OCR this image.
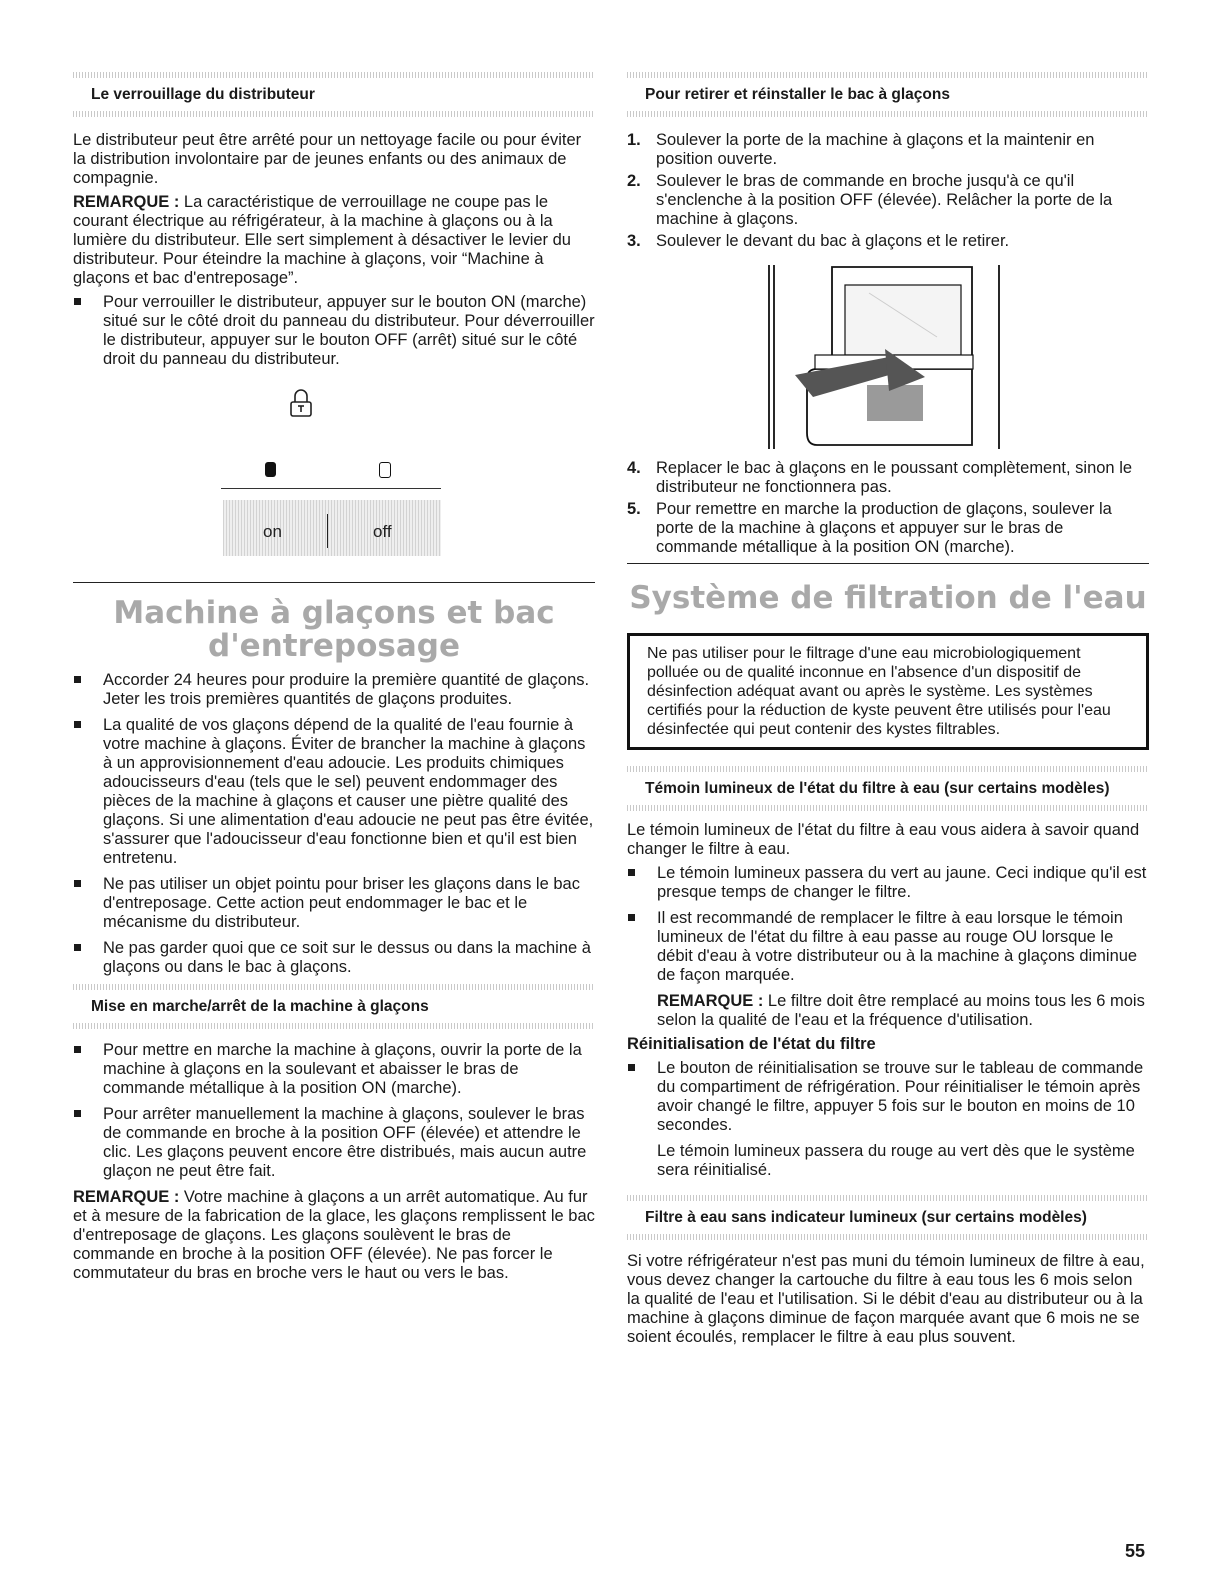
Le verrouillage du distributeur

Le distributeur peut être arrêté pour un nettoyage facile ou pour éviter la distribution involontaire par de jeunes enfants ou des animaux de compagnie.

REMARQUE : La caractéristique de verrouillage ne coupe pas le courant électrique au réfrigérateur, à la machine à glaçons ou à la lumière du distributeur. Elle sert simplement à désactiver le levier du distributeur. Pour éteindre la machine à glaçons, voir “Machine à glaçons et bac d'entreposage”.

Pour verrouiller le distributeur, appuyer sur le bouton ON (marche) situé sur le côté droit du panneau du distributeur. Pour déverrouiller le distributeur, appuyer sur le bouton OFF (arrêt) situé sur le côté droit du panneau du distributeur.
on	off
Machine à glaçons et bac
d'entreposage
Accorder 24 heures pour produire la première quantité de glaçons. Jeter les trois premières quantités de glaçons produites.
La qualité de vos glaçons dépend de la qualité de l'eau fournie à votre machine à glaçons. Éviter de brancher la machine à glaçons à un approvisionnement d'eau adoucie. Les produits chimiques adoucisseurs d'eau (tels que le sel) peuvent endommager des pièces de la machine à glaçons et causer une piètre qualité des glaçons. Si une alimentation d'eau adoucie ne peut pas être évitée, s'assurer que l'adoucisseur d'eau fonctionne bien et qu'il est bien entretenu.
Ne pas utiliser un objet pointu pour briser les glaçons dans le bac d'entreposage. Cette action peut endommager le bac et le mécanisme du distributeur.
Ne pas garder quoi que ce soit sur le dessus ou dans la machine à glaçons ou dans le bac à glaçons.
Mise en marche/arrêt de la machine à glaçons
Pour mettre en marche la machine à glaçons, ouvrir la porte de la machine à glaçons en la soulevant et abaisser le bras de commande métallique à la position ON (marche).
Pour arrêter manuellement la machine à glaçons, soulever le bras de commande en broche à la position OFF (élevée) et attendre le clic. Les glaçons peuvent encore être distribués, mais aucun autre glaçon ne peut être fait.

REMARQUE : Votre machine à glaçons a un arrêt automatique. Au fur et à mesure de la fabrication de la glace, les glaçons remplissent le bac d'entreposage de glaçons. Les glaçons soulèvent le bras de commande en broche à la position OFF (élevée). Ne pas forcer le commutateur du bras en broche vers le haut ou vers le bas.

Pour retirer et réinstaller le bac à glaçons
1. Soulever la porte de la machine à glaçons et la maintenir en position ouverte.
2. Soulever le bras de commande en broche jusqu'à ce qu'il s'enclenche à la position OFF (élevée). Relâcher la porte de la machine à glaçons.
3. Soulever le devant du bac à glaçons et le retirer.
4. Replacer le bac à glaçons en le poussant complètement, sinon le distributeur ne fonctionnera pas.
5. Pour remettre en marche la production de glaçons, soulever la porte de la machine à glaçons et appuyer sur le bras de commande métallique à la position ON (marche).
Système de filtration de l'eau
Ne pas utiliser pour le filtrage d'une eau microbiologiquement polluée ou de qualité inconnue en l'absence d'un dispositif de désinfection adéquat avant ou après le système. Les systèmes certifiés pour la réduction de kyste peuvent être utilisés pour l'eau désinfectée qui peut contenir des kystes filtrables.
Témoin lumineux de l'état du filtre à eau (sur certains modèles)

Le témoin lumineux de l'état du filtre à eau vous aidera à savoir quand changer le filtre à eau.

Le témoin lumineux passera du vert au jaune. Ceci indique qu'il est presque temps de changer le filtre.
Il est recommandé de remplacer le filtre à eau lorsque le témoin lumineux de l'état du filtre à eau passe au rouge OU lorsque le débit d'eau à votre distributeur ou à la machine à glaçons diminue de façon marquée.

REMARQUE : Le filtre doit être remplacé au moins tous les 6 mois selon la qualité de l'eau et la fréquence d'utilisation.

Réinitialisation de l'état du filtre

Le bouton de réinitialisation se trouve sur le tableau de commande du compartiment de réfrigération. Pour réinitialiser le témoin après avoir changé le filtre, appuyer 5 fois sur le bouton en moins de 10 secondes.

Le témoin lumineux passera du rouge au vert dès que le système sera réinitialisé.

Filtre à eau sans indicateur lumineux (sur certains modèles)

Si votre réfrigérateur n'est pas muni du témoin lumineux de filtre à eau, vous devez changer la cartouche du filtre à eau tous les 6 mois selon la qualité de l'eau et l'utilisation. Si le débit d'eau au distributeur ou à la machine à glaçons diminue de façon marquée avant que 6 mois ne se soient écoulés, remplacer le filtre à eau plus souvent.

55
